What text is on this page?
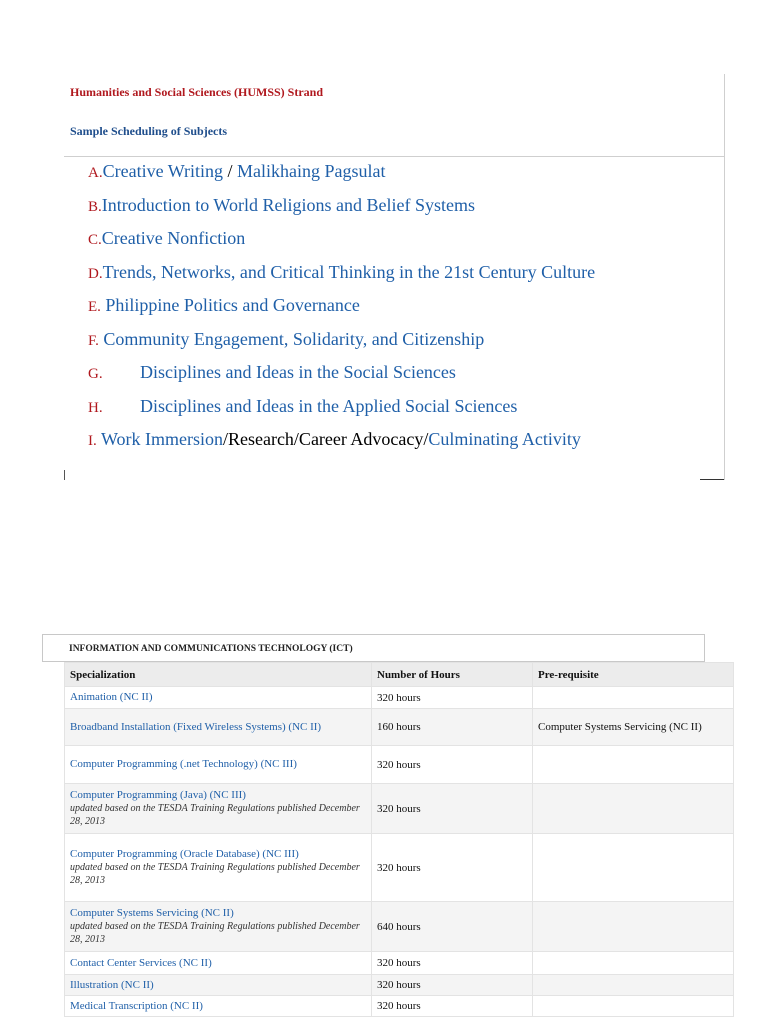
Humanities and Social Sciences (HUMSS) Strand
Sample Scheduling of Subjects
A.Creative Writing / Malikhaing Pagsulat
B.Introduction to World Religions and Belief Systems
C.Creative Nonfiction
D.Trends, Networks, and Critical Thinking in the 21st Century Culture
E. Philippine Politics and Governance
F. Community Engagement, Solidarity, and Citizenship
G. Disciplines and Ideas in the Social Sciences
H. Disciplines and Ideas in the Applied Social Sciences
I. Work Immersion/Research/Career Advocacy/Culminating Activity
INFORMATION AND COMMUNICATIONS TECHNOLOGY (ICT)
Specialization	Number of Hours	Pre-requisite
Animation (NC II)	320 hours	
Broadband Installation (Fixed Wireless Systems) (NC II)	160 hours	Computer Systems Servicing (NC II)
Computer Programming (.net Technology) (NC III)	320 hours	
Computer Programming (Java) (NC III)
updated based on the TESDA Training Regulations published December 28, 2013	320 hours	
Computer Programming (Oracle Database) (NC III)
updated based on the TESDA Training Regulations published December 28, 2013	320 hours	
Computer Systems Servicing (NC II)
updated based on the TESDA Training Regulations published December 28, 2013	640 hours	
Contact Center Services (NC II)	320 hours	
Illustration (NC II)	320 hours	
Medical Transcription (NC II)	320 hours	
